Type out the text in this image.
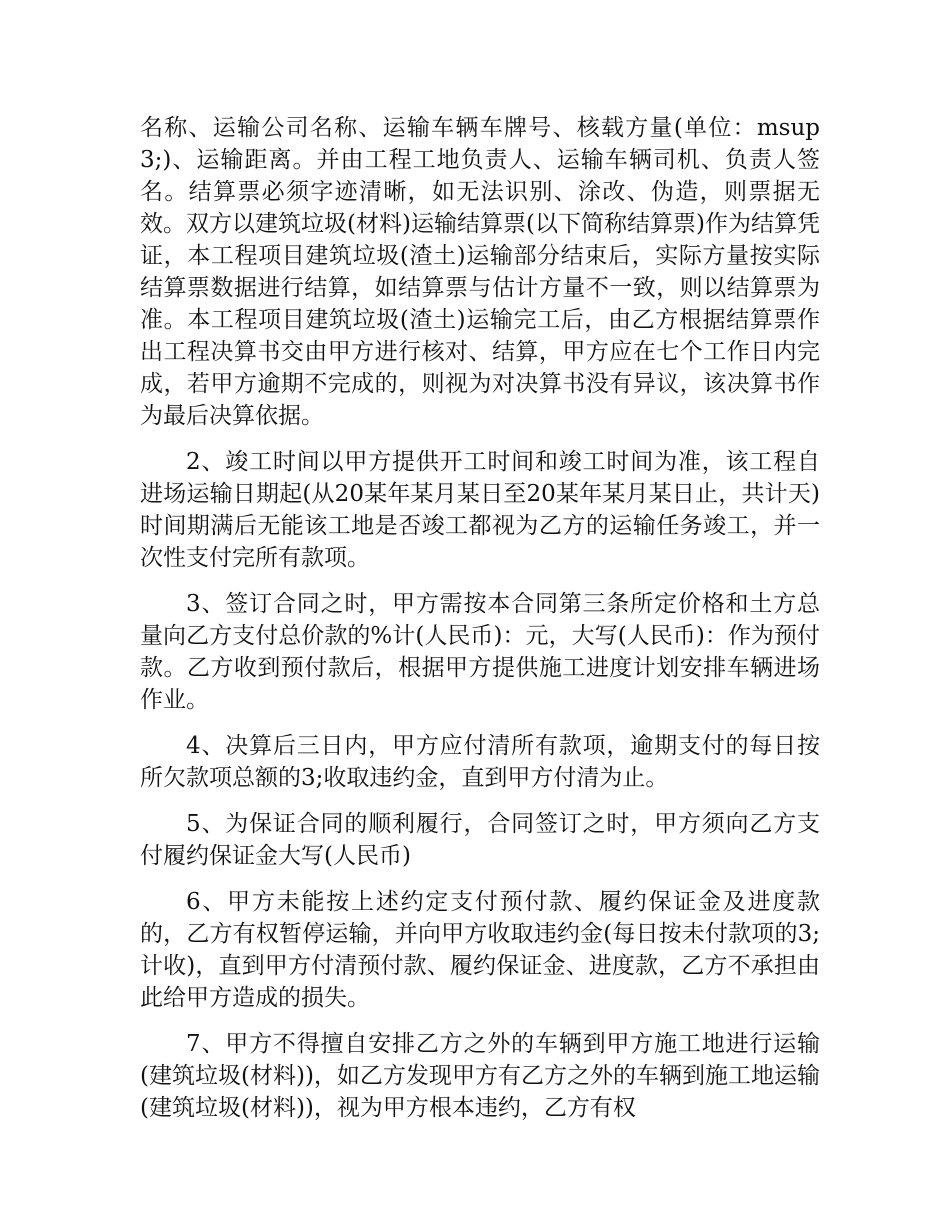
名称、运输公司名称、运输车辆车牌号、核载方量(单位：msup3;)、运输距离。并由工程工地负责人、运输车辆司机、负责人签名。结算票必须字迹清晰，如无法识别、涂改、伪造，则票据无效。双方以建筑垃圾(材料)运输结算票(以下简称结算票)作为结算凭证，本工程项目建筑垃圾(渣土)运输部分结束后，实际方量按实际结算票数据进行结算，如结算票与估计方量不一致，则以结算票为准。本工程项目建筑垃圾(渣土)运输完工后，由乙方根据结算票作出工程决算书交由甲方进行核对、结算，甲方应在七个工作日内完成，若甲方逾期不完成的，则视为对决算书没有异议，该决算书作为最后决算依据。

2、竣工时间以甲方提供开工时间和竣工时间为准，该工程自进场运输日期起(从20某年某月某日至20某年某月某日止，共计天)时间期满后无能该工地是否竣工都视为乙方的运输任务竣工，并一次性支付完所有款项。

3、签订合同之时，甲方需按本合同第三条所定价格和土方总量向乙方支付总价款的%计(人民币)：元，大写(人民币)：作为预付款。乙方收到预付款后，根据甲方提供施工进度计划安排车辆进场作业。

4、决算后三日内，甲方应付清所有款项，逾期支付的每日按所欠款项总额的3;收取违约金，直到甲方付清为止。

5、为保证合同的顺利履行，合同签订之时，甲方须向乙方支付履约保证金大写(人民币)

6、甲方未能按上述约定支付预付款、履约保证金及进度款的，乙方有权暂停运输，并向甲方收取违约金(每日按未付款项的3;计收)，直到甲方付清预付款、履约保证金、进度款，乙方不承担由此给甲方造成的损失。

7、甲方不得擅自安排乙方之外的车辆到甲方施工地进行运输(建筑垃圾(材料))，如乙方发现甲方有乙方之外的车辆到施工地运输(建筑垃圾(材料))，视为甲方根本违约，乙方有权
